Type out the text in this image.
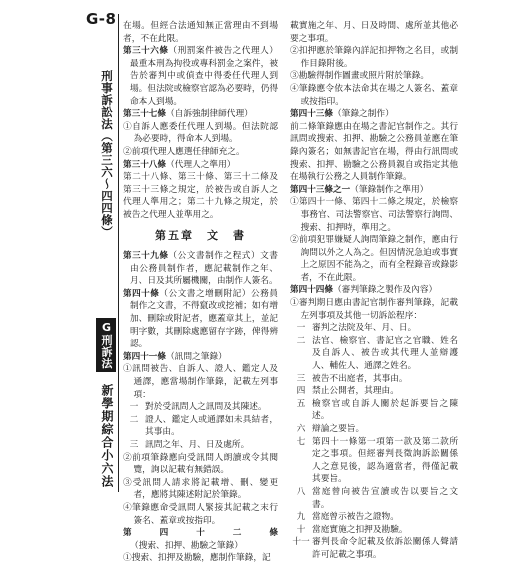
G-8
刑事訴訟法（第三六～四四條）
G刑訴法
新學期綜合小六法

在場。但經合法通知無正當理由不到場者，不在此限。

第三十六條（刑罰案件被告之代理人）最重本刑為拘役或專科罰金之案件，被告於審判中或偵查中得委任代理人到場。但法院或檢察官認為必要時，仍得命本人到場。

第三十七條（自訴強制律師代理）

①自訴人應委任代理人到場。但法院認為必要時，得命本人到場。

②前項代理人應選任律師充之。

第三十八條（代理人之準用）

第二十八條、第三十條、第三十二條及第三十三條之規定，於被告或自訴人之代理人準用之；第二十九條之規定，於被告之代理人並準用之。

第五章　文　書

第三十九條（公文書制作之程式）文書由公務員制作者，應記載制作之年、月、日及其所屬機關，由制作人簽名。

第四十條（公文書之增刪附記）公務員制作之文書，不得竄改或挖補；如有增加、刪除或附記者，應蓋章其上，並記明字數，其刪除處應留存字跡，俾得辨認。

第四十一條（訊問之筆錄）

①訊問被告、自訴人、證人、鑑定人及通譯，應當場制作筆錄，記載左列事項：

一 對於受訊問人之訊問及其陳述。

二 證人、鑑定人或通譯如未具結者，其事由。

三 訊問之年、月、日及處所。

②前項筆錄應向受訊問人朗讀或令其閱覽，詢以記載有無錯誤。

③受訊問人請求將記載增、刪、變更者，應將其陳述附記於筆錄。

④筆錄應命受訊問人緊接其記載之末行簽名、蓋章或按指印。

第四十二條（搜索、扣押、勘驗之筆錄）

①搜索、扣押及勘驗，應制作筆錄，記

載實施之年、月、日及時間、處所並其他必要之事項。

②扣押應於筆錄內詳記扣押物之名目，或制作目錄附後。

③勘驗得制作圖畫或照片附於筆錄。

④筆錄應令依本法命其在場之人簽名、蓋章或按指印。

第四十三條（筆錄之制作）

前二條筆錄應由在場之書記官制作之。其行訊問或搜索、扣押、勘驗之公務員並應在筆錄內簽名；如無書記官在場，得由行訊問或搜索、扣押、勘驗之公務員親自或指定其他在場執行公務之人員制作筆錄。

第四十三條之一（筆錄制作之準用）

①第四十一條、第四十二條之規定，於檢察事務官、司法警察官、司法警察行詢問、搜索、扣押時，準用之。

②前項犯罪嫌疑人詢問筆錄之制作，應由行詢問以外之人為之。但因情況急迫或事實上之原因不能為之，而有全程錄音或錄影者，不在此限。

第四十四條（審判筆錄之製作及內容）

①審判期日應由書記官制作審判筆錄，記載左列事項及其他一切訴訟程序：

一 審判之法院及年、月、日。

二 法官、檢察官、書記官之官職、姓名及自訴人、被告或其代理人並辯護人、輔佐人、通譯之姓名。

三 被告不出庭者，其事由。

四 禁止公開者，其理由。

五 檢察官或自訴人關於起訴要旨之陳述。

六 辯論之要旨。

七 第四十一條第一項第一款及第二款所定之事項。但經審判長徵詢訴訟關係人之意見後，認為適當者，得僅記載其要旨。

八 當庭曾向被告宣讀或告以要旨之文書。

九 當庭曾示被告之證物。

十 當庭實施之扣押及勘驗。

十一 審判長命令記載及依訴訟關係人聲請許可記載之事項。
